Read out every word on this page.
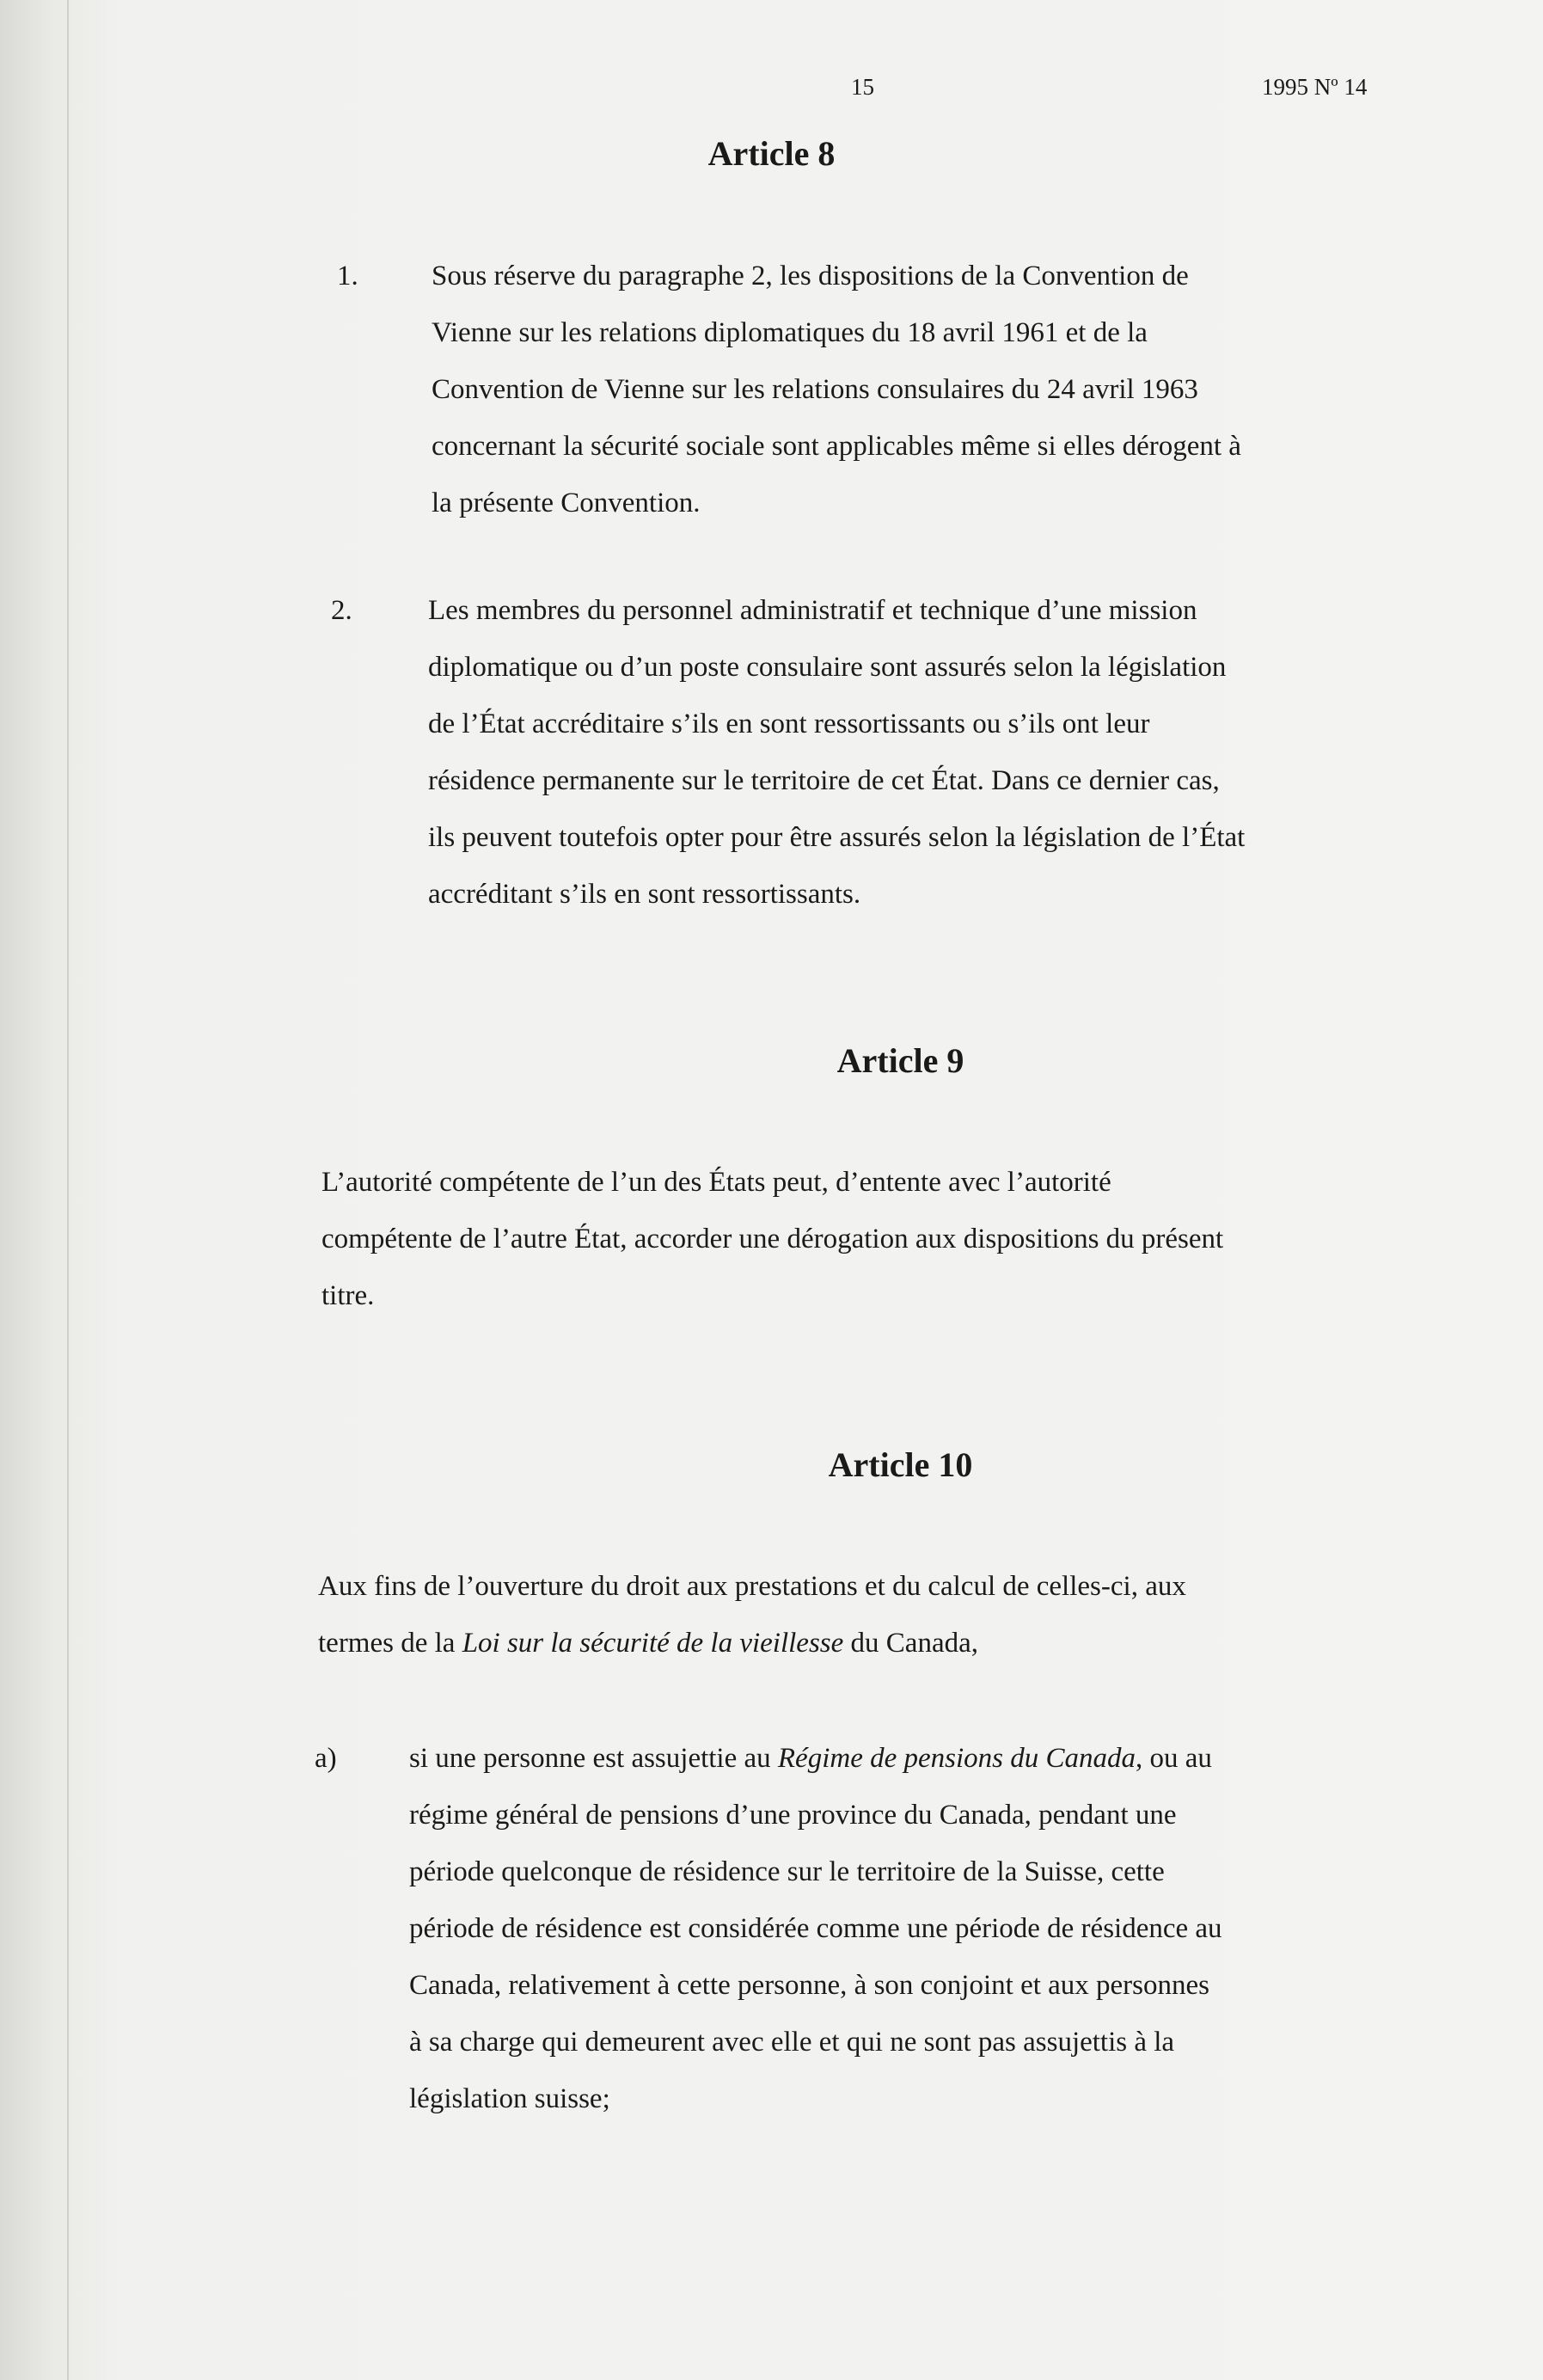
15	1995 Nº 14
Article 8
1.	Sous réserve du paragraphe 2, les dispositions de la Convention de
Vienne sur les relations diplomatiques du 18 avril 1961 et de la
Convention de Vienne sur les relations consulaires du 24 avril 1963
concernant la sécurité sociale sont applicables même si elles dérogent à
la présente Convention.
2.	Les membres du personnel administratif et technique d’une mission
diplomatique ou d’un poste consulaire sont assurés selon la législation
de l’État accréditaire s’ils en sont ressortissants ou s’ils ont leur
résidence permanente sur le territoire de cet État. Dans ce dernier cas,
ils peuvent toutefois opter pour être assurés selon la législation de l’État
accréditant s’ils en sont ressortissants.
Article 9
L’autorité compétente de l’un des États peut, d’entente avec l’autorité
compétente de l’autre État, accorder une dérogation aux dispositions du présent
titre.
Article 10
Aux fins de l’ouverture du droit aux prestations et du calcul de celles-ci, aux
termes de la Loi sur la sécurité de la vieillesse du Canada,
a)	si une personne est assujettie au Régime de pensions du Canada, ou au
régime général de pensions d’une province du Canada, pendant une
période quelconque de résidence sur le territoire de la Suisse, cette
période de résidence est considérée comme une période de résidence au
Canada, relativement à cette personne, à son conjoint et aux personnes
à sa charge qui demeurent avec elle et qui ne sont pas assujettis à la
législation suisse;
